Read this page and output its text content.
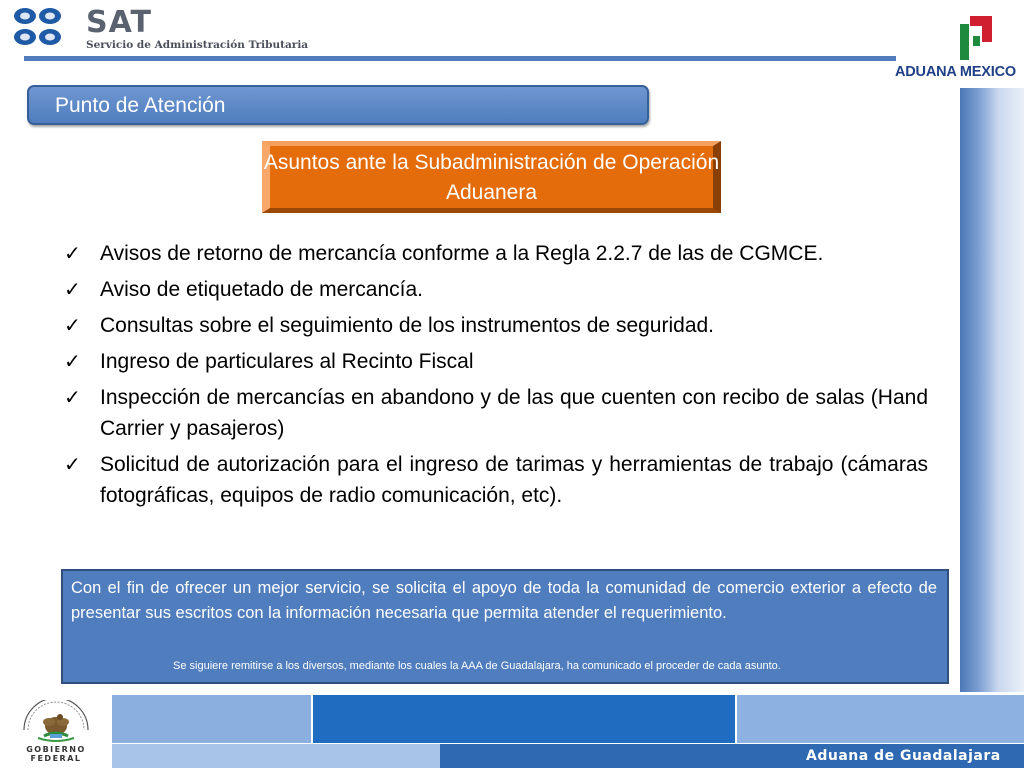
SAT
Servicio de Administración Tributaria
ADUANA MEXICO
Punto de Atención
Asuntos ante la Subadministración de Operación Aduanera
✓ Avisos de retorno de mercancía conforme a la Regla 2.2.7 de las de CGMCE.
✓ Aviso de etiquetado de mercancía.
✓ Consultas sobre el seguimiento de los instrumentos de seguridad.
✓ Ingreso de particulares al Recinto Fiscal
✓ Inspección de mercancías en abandono y de las que cuenten con recibo de salas (Hand Carrier y pasajeros)
✓ Solicitud de autorización para el ingreso de tarimas y herramientas de trabajo (cámaras fotográficas, equipos de radio comunicación, etc).
Con el fin de ofrecer un mejor servicio, se solicita el apoyo de toda la comunidad de comercio exterior a efecto de presentar sus escritos con la información necesaria que permita atender el requerimiento.
Se siguiere remitirse a los diversos, mediante los cuales la AAA de Guadalajara, ha comunicado el proceder de cada asunto.
GOBIERNO
FEDERAL	Aduana de Guadalajara
